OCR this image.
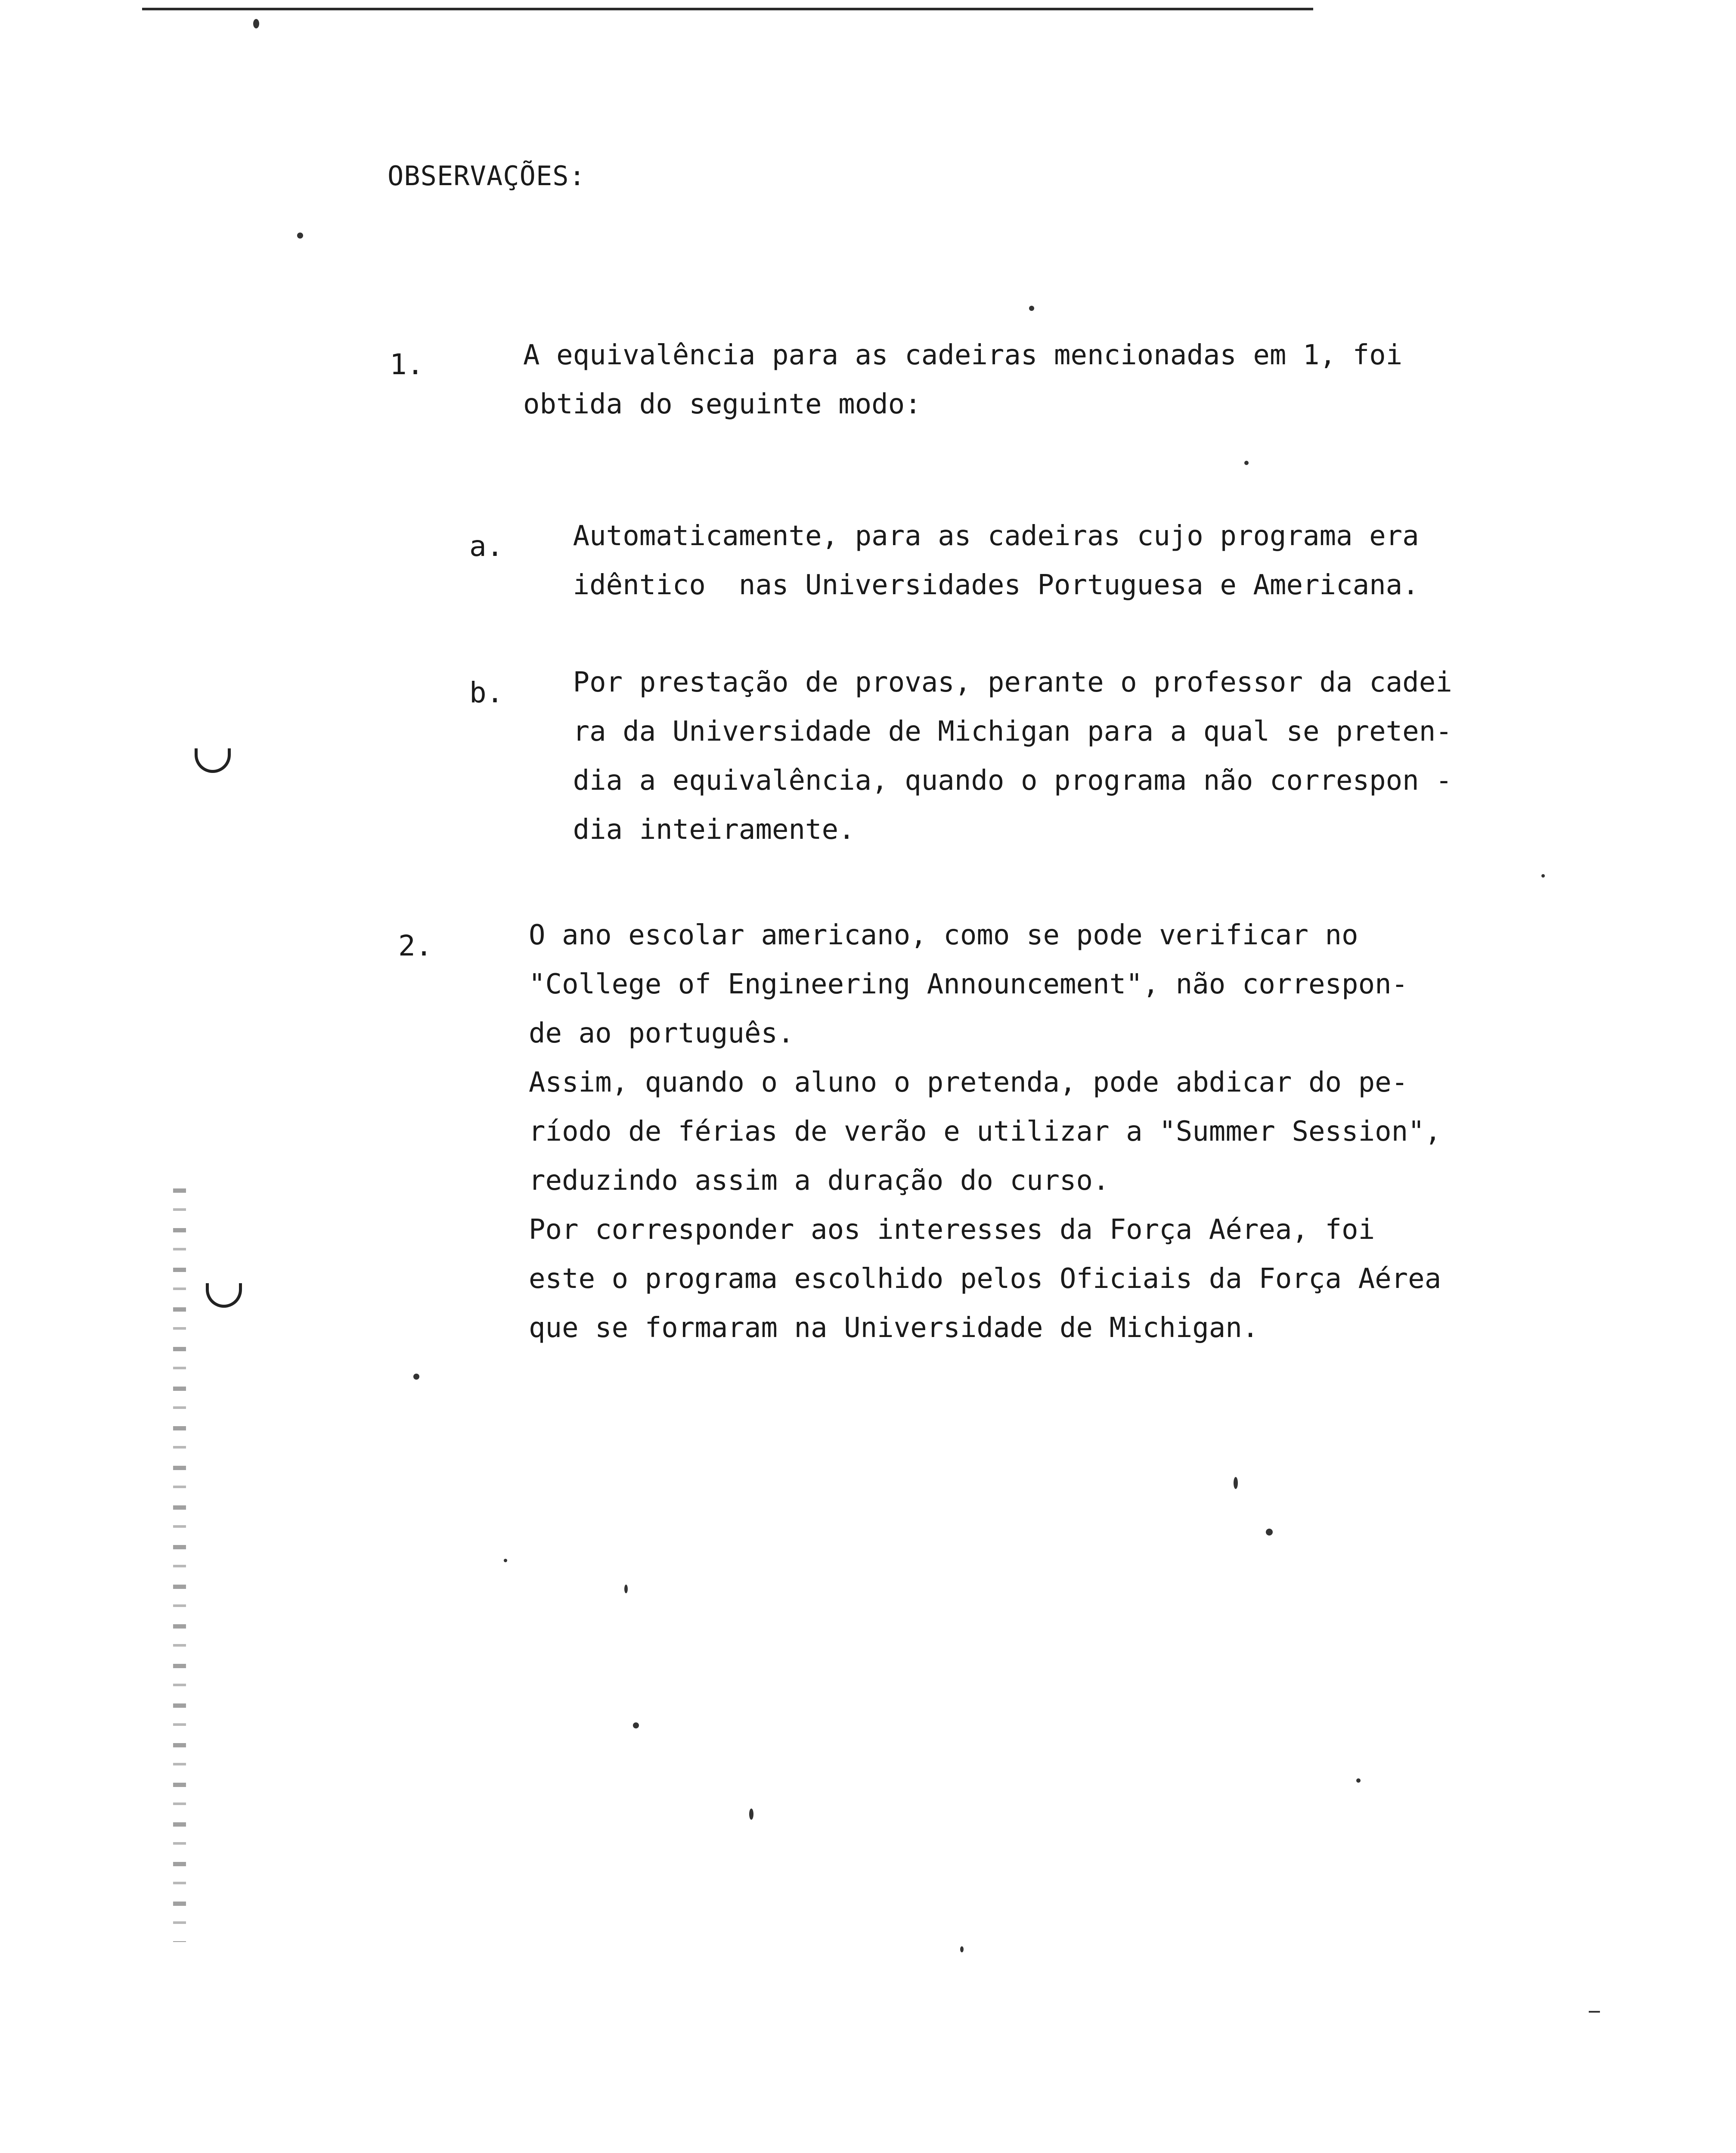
OBSERVAÇÕES:
1.	A equivalência para as cadeiras mencionadas em 1, foi
obtida do seguinte modo:
a.	Automaticamente, para as cadeiras cujo programa era
idêntico  nas Universidades Portuguesa e Americana.
b.	Por prestação de provas, perante o professor da cadei
ra da Universidade de Michigan para a qual se preten-
dia a equivalência, quando o programa não correspon -
dia inteiramente.
2.	O ano escolar americano, como se pode verificar no
"College of Engineering Announcement", não correspon-
de ao português.
Assim, quando o aluno o pretenda, pode abdicar do pe-
ríodo de férias de verão e utilizar a "Summer Session",
reduzindo assim a duração do curso.
Por corresponder aos interesses da Força Aérea, foi
este o programa escolhido pelos Oficiais da Força Aérea
que se formaram na Universidade de Michigan.
